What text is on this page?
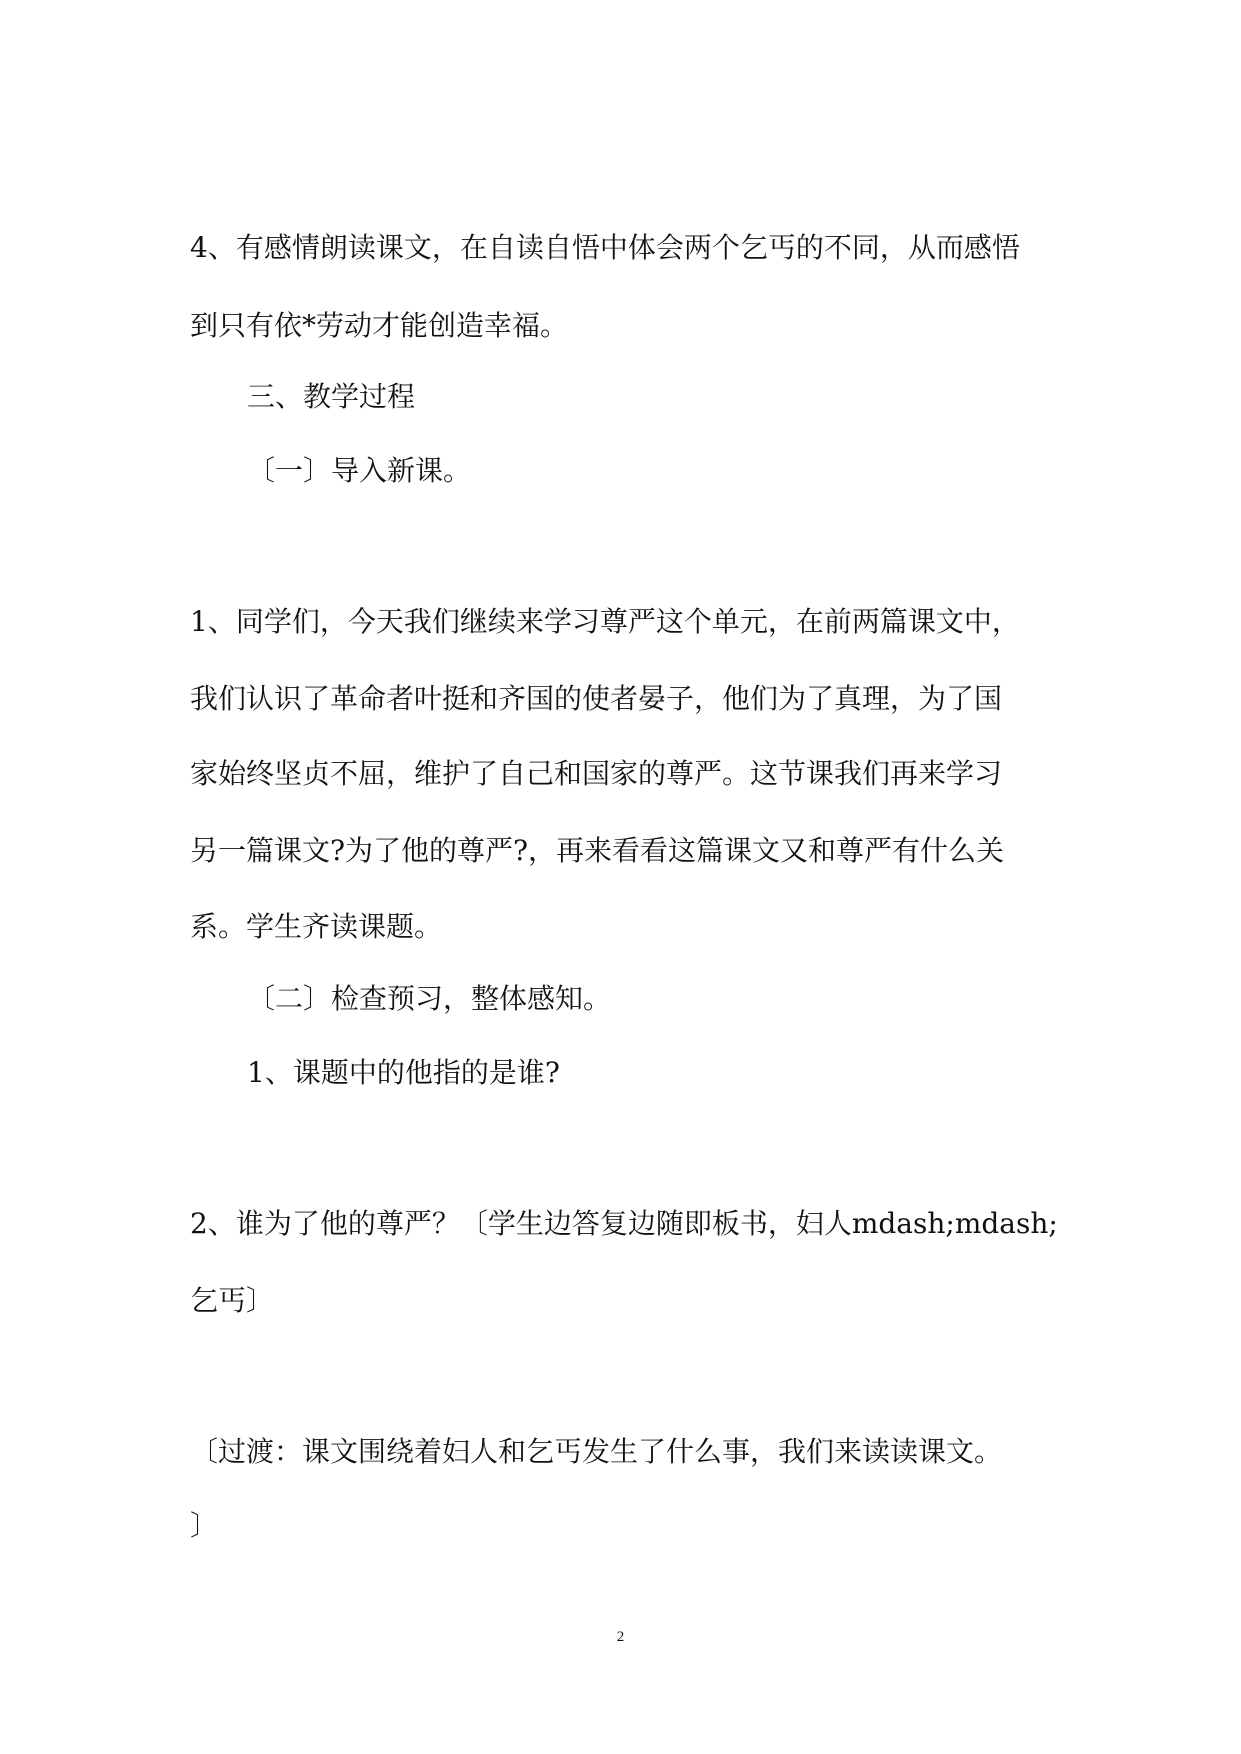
4、有感情朗读课文，在自读自悟中体会两个乞丐的不同，从而感悟
到只有依*劳动才能创造幸福。
三、教学过程
〔一〕导入新课。
1、同学们，今天我们继续来学习尊严这个单元，在前两篇课文中，
我们认识了革命者叶挺和齐国的使者晏子，他们为了真理，为了国
家始终坚贞不屈，维护了自己和国家的尊严。这节课我们再来学习
另一篇课文?为了他的尊严?，再来看看这篇课文又和尊严有什么关
系。学生齐读课题。
〔二〕检查预习，整体感知。
1、课题中的他指的是谁?
2、谁为了他的尊严？〔学生边答复边随即板书，妇人mdash;mdash;
乞丐〕
〔过渡：课文围绕着妇人和乞丐发生了什么事，我们来读读课文。
〕
2
